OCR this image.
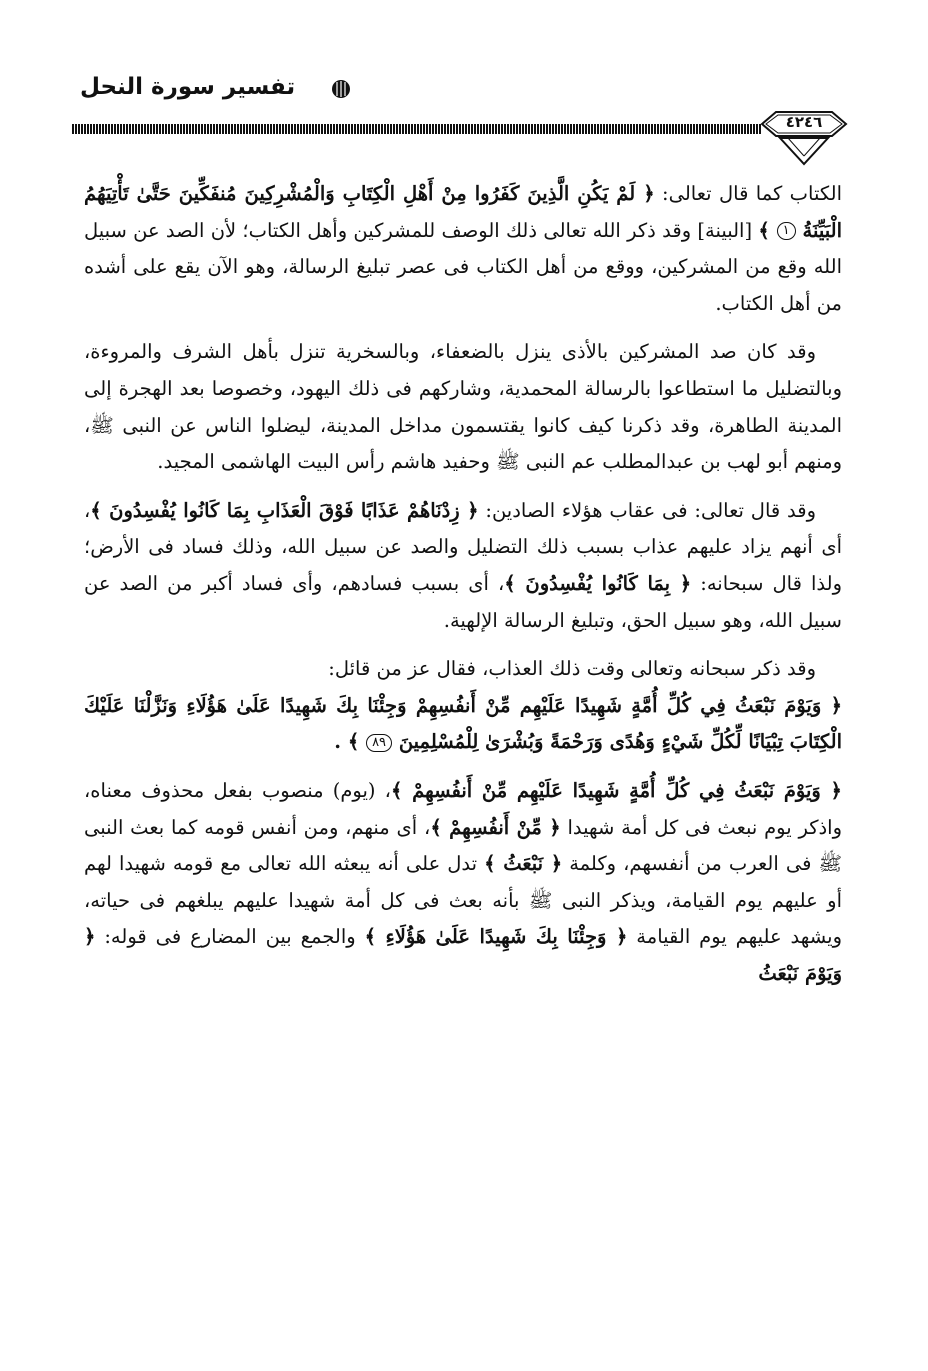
تفسير سورة النحل
٤٢٤٦

الكتاب كما قال تعالى: ﴿ لَمْ يَكُنِ الَّذِينَ كَفَرُوا مِنْ أَهْلِ الْكِتَابِ وَالْمُشْرِكِينَ مُنفَكِّينَ حَتَّىٰ تَأْتِيَهُمُ الْبَيِّنَةُ ١ ﴾ [البينة] وقد ذكر الله تعالى ذلك الوصف للمشركين وأهل الكتاب؛ لأن الصد عن سبيل الله وقع من المشركين، ووقع من أهل الكتاب فى عصر تبليغ الرسالة، وهو الآن يقع على أشده من أهل الكتاب.

وقد كان صد المشركين بالأذى ينزل بالضعفاء، وبالسخرية تنزل بأهل الشرف والمروءة، وبالتضليل ما استطاعوا بالرسالة المحمدية، وشاركهم فى ذلك اليهود، وخصوصا بعد الهجرة إلى المدينة الطاهرة، وقد ذكرنا كيف كانوا يقتسمون مداخل المدينة، ليضلوا الناس عن النبى ﷺ، ومنهم أبو لهب بن عبدالمطلب عم النبى ﷺ وحفيد هاشم رأس البيت الهاشمى المجيد.

وقد قال تعالى: فى عقاب هؤلاء الصادين: ﴿ زِدْنَاهُمْ عَذَابًا فَوْقَ الْعَذَابِ بِمَا كَانُوا يُفْسِدُونَ ﴾، أى أنهم يزاد عليهم عذاب بسبب ذلك التضليل والصد عن سبيل الله، وذلك فساد فى الأرض؛ ولذا قال سبحانه: ﴿ بِمَا كَانُوا يُفْسِدُونَ ﴾، أى بسبب فسادهم، وأى فساد أكبر من الصد عن سبيل الله، وهو سبيل الحق، وتبليغ الرسالة الإلهية.

وقد ذكر سبحانه وتعالى وقت ذلك العذاب، فقال عز من قائل:

﴿ وَيَوْمَ نَبْعَثُ فِي كُلِّ أُمَّةٍ شَهِيدًا عَلَيْهِم مِّنْ أَنفُسِهِمْ وَجِئْنَا بِكَ شَهِيدًا عَلَىٰ هَؤُلَاءِ وَنَزَّلْنَا عَلَيْكَ الْكِتَابَ تِبْيَانًا لِّكُلِّ شَيْءٍ وَهُدًى وَرَحْمَةً وَبُشْرَىٰ لِلْمُسْلِمِينَ ٨٩ ﴾ .

﴿ وَيَوْمَ نَبْعَثُ فِي كُلِّ أُمَّةٍ شَهِيدًا عَلَيْهِم مِّنْ أَنفُسِهِمْ ﴾، (يوم) منصوب بفعل محذوف معناه، واذكر يوم نبعث فى كل أمة شهيدا ﴿ مِّنْ أَنفُسِهِمْ ﴾، أى منهم، ومن أنفس قومه كما بعث النبى ﷺ فى العرب من أنفسهم، وكلمة ﴿ نَبْعَثُ ﴾ تدل على أنه يبعثه الله تعالى مع قومه شهيدا لهم أو عليهم يوم القيامة، ويذكر النبى ﷺ بأنه بعث فى كل أمة شهيدا عليهم يبلغهم فى حياته، ويشهد عليهم يوم القيامة ﴿ وَجِئْنَا بِكَ شَهِيدًا عَلَىٰ هَؤُلَاءِ ﴾ والجمع بين المضارع فى قوله: ﴿ وَيَوْمَ نَبْعَثُ
